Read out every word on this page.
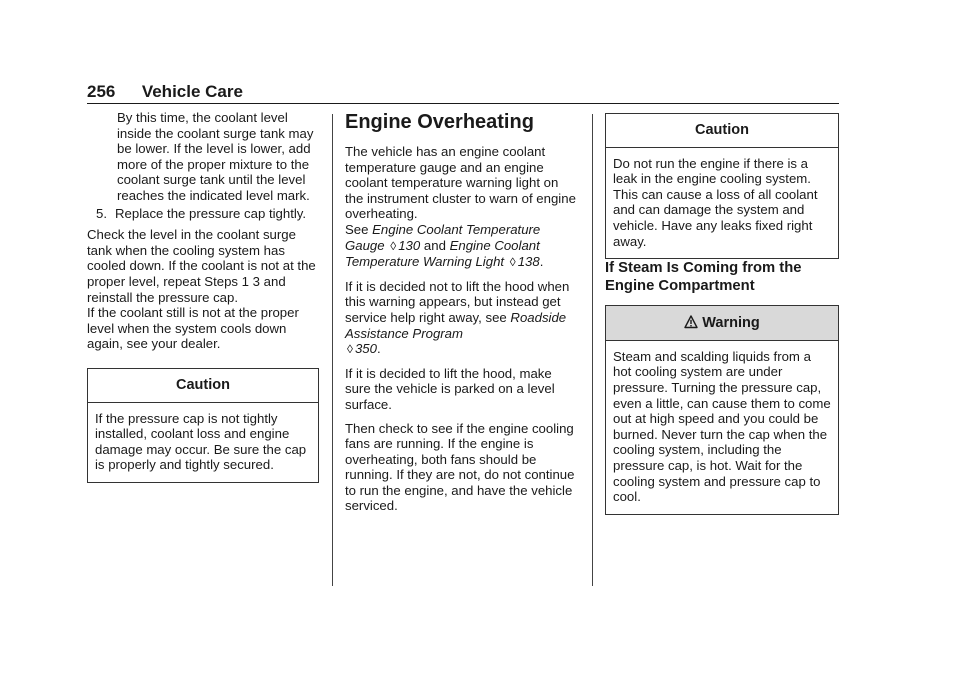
256 Vehicle Care

By this time, the coolant level inside the coolant surge tank may be lower. If the level is lower, add more of the proper mixture to the coolant surge tank until the level reaches the indicated level mark.

5. Replace the pressure cap tightly.

Check the level in the coolant surge tank when the cooling system has cooled down. If the coolant is not at the proper level, repeat Steps 1 3 and reinstall the pressure cap.

If the coolant still is not at the proper level when the system cools down again, see your dealer.

Caution
If the pressure cap is not tightly installed, coolant loss and engine damage may occur. Be sure the cap is properly and tightly secured.
Engine Overheating

The vehicle has an engine coolant temperature gauge and an engine coolant temperature warning light on the instrument cluster to warn of engine overheating.
See Engine Coolant Temperature Gauge ◊ 130 and Engine Coolant Temperature Warning Light ◊ 138.

If it is decided not to lift the hood when this warning appears, but instead get service help right away, see Roadside Assistance Program
◊ 350.

If it is decided to lift the hood, make sure the vehicle is parked on a level surface.

Then check to see if the engine cooling fans are running. If the engine is overheating, both fans should be running. If they are not, do not continue to run the engine, and have the vehicle serviced.

Caution
Do not run the engine if there is a leak in the engine cooling system. This can cause a loss of all coolant and can damage the system and vehicle. Have any leaks fixed right away.
If Steam Is Coming from the Engine Compartment
Warning
Steam and scalding liquids from a hot cooling system are under pressure. Turning the pressure cap, even a little, can cause them to come out at high speed and you could be burned. Never turn the cap when the cooling system, including the pressure cap, is hot. Wait for the cooling system and pressure cap to cool.
